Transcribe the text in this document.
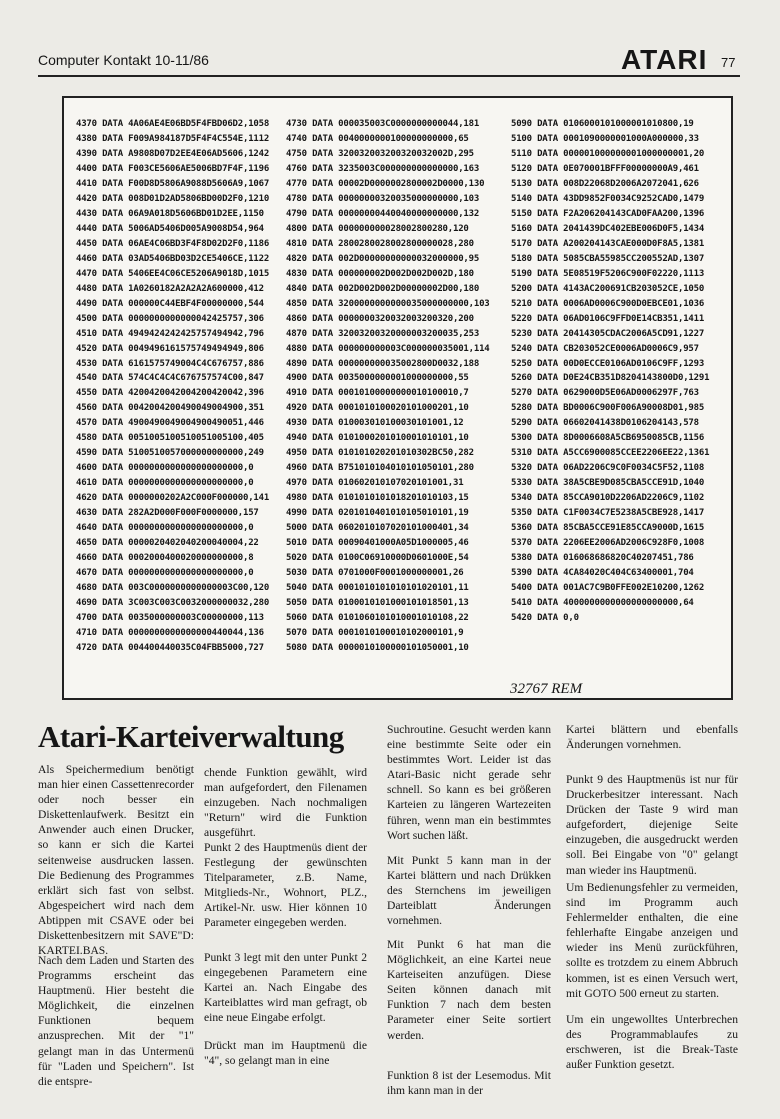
Computer Kontakt 10-11/86	ATARI 77
4370 DATA 4A06AE4E06BD5F4FBD06D2,1058
4380 DATA F009A984187D5F4F4C554E,1112
4390 DATA A9808D07D2EE4E06AD5606,1242
4400 DATA F003CE5606AE5006BD7F4F,1196
4410 DATA F00D8D5806A9088D5606A9,1067
4420 DATA 008D01D2AD5806BD00D2F0,1210
4430 DATA 06A9A018D5606BD01D2EE,1150
4440 DATA 5006AD5406D005A9008D54,964
4450 DATA 06AE4C06BD3F4F8D02D2F0,1186
4460 DATA 03AD5406BD03D2CE5406CE,1122
4470 DATA 5406EE4C06CE5206A9018D,1015
4480 DATA 1A0260182A2A2A2A600000,412
4490 DATA 000000C44EBF4F00000000,544
4500 DATA 0000000000000042425757,306
4510 DATA 4949424242425757494942,796
4520 DATA 0049496161575749494949,806
4530 DATA 6161575749004C4C676757,886
4540 DATA 574C4C4C4C676757574C00,847
4550 DATA 4200420042004200420042,396
4560 DATA 0042004200490049004900,351
4570 DATA 4900490049004900490051,446
4580 DATA 0051005100510051005100,405
4590 DATA 5100510057000000000000,249
4600 DATA 0000000000000000000000,0
4610 DATA 0000000000000000000000,0
4620 DATA 0000000202A2C000F000000,141
4630 DATA 282A2D000F000F0000000,157
4640 DATA 0000000000000000000000,0
4650 DATA 0000020402040200040004,22
4660 DATA 0002000400020000000000,8
4670 DATA 0000000000000000000000,0
4680 DATA 003C0000000000000003C00,120
4690 DATA 3C003C003C0032000000032,280
4700 DATA 0035000000003C00000000,113
4710 DATA 0000000000000000440044,136
4720 DATA 004400440035C04FBB5000,727
4730 DATA 000035003C0000000000044,181
4740 DATA 0040000000100000000000,65
4750 DATA 320032003200320032002D,295
4760 DATA 3235003C000000000000000,163
4770 DATA 00002D0000002800002D0000,130
4780 DATA 00000000320035000000000,103
4790 DATA 00000000440040000000000,132
4800 DATA 000000000028002800280,120
4810 DATA 2800280028002800000028,280
4820 DATA 002D00000000000032000000,95
4830 DATA 000000002D002D002D002D,180
4840 DATA 002D002D002D00000002D00,180
4850 DATA 3200000000000035000000000,103
4860 DATA 0000000320032003200320,200
4870 DATA 32003200320000003200035,253
4880 DATA 000000000003C000000035001,114
4890 DATA 000000000035002800D0032,188
4900 DATA 0035000000001000000000,55
4910 DATA 00010100000000010100010,7
4920 DATA 0001010100020101000201,10
4930 DATA 010003010100030101001,12
4940 DATA 0101000201010001010101,10
4950 DATA 010101020201010302BC50,282
4960 DATA B751010104010101050101,280
4970 DATA 010602010107020101001,31
4980 DATA 0101010101018201010103,15
4990 DATA 0201010401010105010101,19
5000 DATA 0602010107020101000401,34
5010 DATA 00090401000A05D1000005,46
5020 DATA 0100C06910000D0601000E,54
5030 DATA 0701000F0001000000001,26
5040 DATA 0001010101010101020101,11
5050 DATA 0100010101000101018501,13
5060 DATA 0101060101010001010108,22
5070 DATA 0001010100010102000101,9
5080 DATA 0000010100000101050001,10
5090 DATA 0106000101000001010800,19
5100 DATA 0001090000001000A000000,33
5110 DATA 000001000000001000000001,20
5120 DATA 0E070001BFFF00000000A9,461
5130 DATA 008D22068D2006A2072041,626
5140 DATA 43DD9852F0034C9252CAD0,1479
5150 DATA F2A206204143CAD0FAA200,1396
5160 DATA 2041439DC402EBE006D0F5,1434
5170 DATA A200204143CAE000D0F8A5,1381
5180 DATA 5085CBA55985CC200552AD,1307
5190 DATA 5E08519F5206C900F02220,1113
5200 DATA 4143AC200691CB203052CE,1050
5210 DATA 0006AD0006C900D0EBCE01,1036
5220 DATA 06AD0106C9FFD0E14CB351,1411
5230 DATA 20414305CDAC2006A5CD91,1227
5240 DATA CB203052CE0006AD0006C9,957
5250 DATA 00D0ECCE0106AD0106C9FF,1293
5260 DATA D0E24CB351D8204143800D0,1291
5270 DATA 0629000D5E06AD0006297F,763
5280 DATA BD0006C900F006A90008D01,985
5290 DATA 06602041438D0106204143,578
5300 DATA 8D0006608A5CB6950085CB,1156
5310 DATA A5CC6900085CCEE2206EE22,1361
5320 DATA 06AD2206C9C0F0034C5F52,1108
5330 DATA 38A5CBE9D085CBA5CCE91D,1040
5340 DATA 85CCA9010D2206AD2206C9,1102
5350 DATA C1F0034C7E5238A5CBE928,1417
5360 DATA 85CBA5CCE91E85CCA9000D,1615
5370 DATA 2206EE2006AD2006C928F0,1008
5380 DATA 016068686820C40207451,786
5390 DATA 4CA84020C404C63400001,704
5400 DATA 001AC7C9B0FFE002E10200,1262
5410 DATA 4000000000000000000000,64
5420 DATA 0,0
32767 REM
Atari-Karteiverwaltung

Als Speichermedium benötigt man hier einen Cassettenrecorder oder noch besser ein Diskettenlaufwerk. Besitzt ein Anwender auch einen Drucker, so kann er sich die Kartei seitenweise ausdrucken lassen. Die Bedienung des Programmes erklärt sich fast von selbst. Abgespeichert wird nach dem Abtippen mit CSAVE oder bei Diskettenbesitzern mit SAVE"D: KARTEI.BAS.

Nach dem Laden und Starten des Programms erscheint das Hauptmenü. Hier besteht die Möglichkeit, die einzelnen Funktionen bequem anzusprechen. Mit der "1" gelangt man in das Untermenü für "Laden und Speichern". Ist die entspre-

chende Funktion gewählt, wird man aufgefordert, den Filenamen einzugeben. Nach nochmaligen "Return" wird die Funktion ausgeführt.

Punkt 2 des Hauptmenüs dient der Festlegung der gewünschten Titelparameter, z.B. Name, Mitglieds-Nr., Wohnort, PLZ., Artikel-Nr. usw. Hier können 10 Parameter eingegeben werden.

Punkt 3 legt mit den unter Punkt 2 eingegebenen Parametern eine Kartei an. Nach Eingabe des Karteiblattes wird man gefragt, ob eine neue Eingabe erfolgt.

Drückt man im Hauptmenü die "4", so gelangt man in eine

Suchroutine. Gesucht werden kann eine bestimmte Seite oder ein bestimmtes Wort. Leider ist das Atari-Basic nicht gerade sehr schnell. So kann es bei größeren Karteien zu längeren Wartezeiten führen, wenn man ein bestimmtes Wort suchen läßt.

Mit Punkt 5 kann man in der Kartei blättern und nach Drükken des Sternchens im jeweiligen Darteiblatt Änderungen vornehmen.

Mit Punkt 6 hat man die Möglichkeit, an eine Kartei neue Karteiseiten anzufügen. Diese Seiten können danach mit Funktion 7 nach dem besten Parameter einer Seite sortiert werden.

Funktion 8 ist der Lesemodus. Mit ihm kann man in der

Kartei blättern und ebenfalls Änderungen vornehmen.

Punkt 9 des Hauptmenüs ist nur für Druckerbesitzer interessant. Nach Drücken der Taste 9 wird man aufgefordert, diejenige Seite einzugeben, die ausgedruckt werden soll. Bei Eingabe von "0" gelangt man wieder ins Hauptmenü.

Um Bedienungsfehler zu vermeiden, sind im Programm auch Fehlermelder enthalten, die eine fehlerhafte Eingabe anzeigen und wieder ins Menü zurückführen, sollte es trotzdem zu einem Abbruch kommen, ist es einen Versuch wert, mit GOTO 500 erneut zu starten.

Um ein ungewolltes Unterbrechen des Programmablaufes zu erschweren, ist die Break-Taste außer Funktion gesetzt.
